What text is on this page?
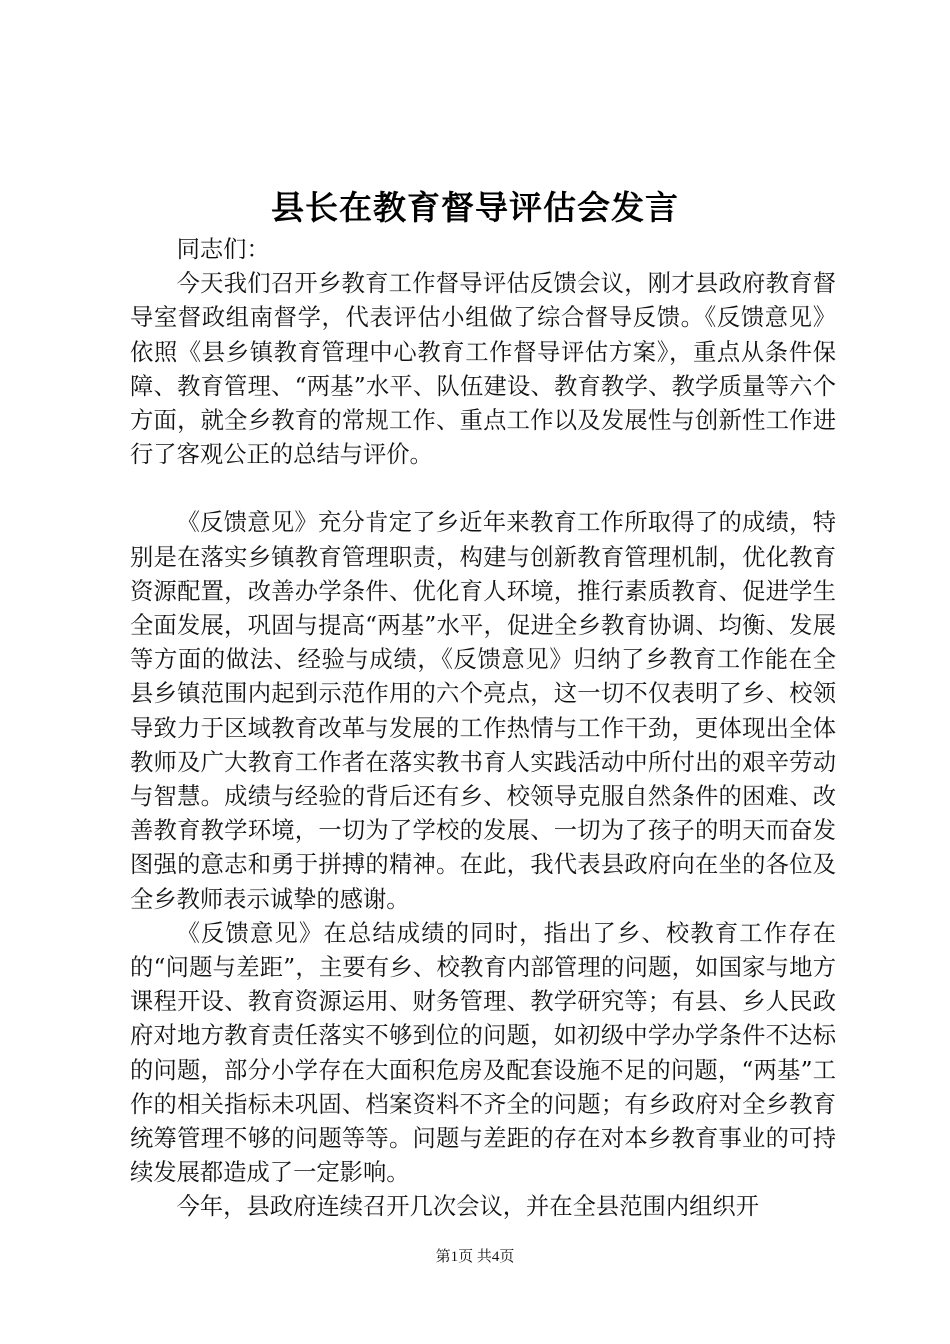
县长在教育督导评估会发言

同志们：

今天我们召开乡教育工作督导评估反馈会议，刚才县政府教育督导室督政组南督学，代表评估小组做了综合督导反馈。《反馈意见》依照《县乡镇教育管理中心教育工作督导评估方案》，重点从条件保障、教育管理、“两基”水平、队伍建设、教育教学、教学质量等六个方面，就全乡教育的常规工作、重点工作以及发展性与创新性工作进行了客观公正的总结与评价。

《反馈意见》充分肯定了乡近年来教育工作所取得了的成绩，特别是在落实乡镇教育管理职责，构建与创新教育管理机制，优化教育资源配置，改善办学条件、优化育人环境，推行素质教育、促进学生全面发展，巩固与提高“两基”水平，促进全乡教育协调、均衡、发展等方面的做法、经验与成绩，《反馈意见》归纳了乡教育工作能在全县乡镇范围内起到示范作用的六个亮点，这一切不仅表明了乡、校领导致力于区域教育改革与发展的工作热情与工作干劲，更体现出全体教师及广大教育工作者在落实教书育人实践活动中所付出的艰辛劳动与智慧。成绩与经验的背后还有乡、校领导克服自然条件的困难、改善教育教学环境，一切为了学校的发展、一切为了孩子的明天而奋发图强的意志和勇于拼搏的精神。在此，我代表县政府向在坐的各位及全乡教师表示诚挚的感谢。

《反馈意见》在总结成绩的同时，指出了乡、校教育工作存在的“问题与差距”，主要有乡、校教育内部管理的问题，如国家与地方课程开设、教育资源运用、财务管理、教学研究等；有县、乡人民政府对地方教育责任落实不够到位的问题，如初级中学办学条件不达标的问题，部分小学存在大面积危房及配套设施不足的问题，“两基”工作的相关指标未巩固、档案资料不齐全的问题；有乡政府对全乡教育统筹管理不够的问题等等。问题与差距的存在对本乡教育事业的可持续发展都造成了一定影响。

今年，县政府连续召开几次会议，并在全县范围内组织开

第1页 共4页
